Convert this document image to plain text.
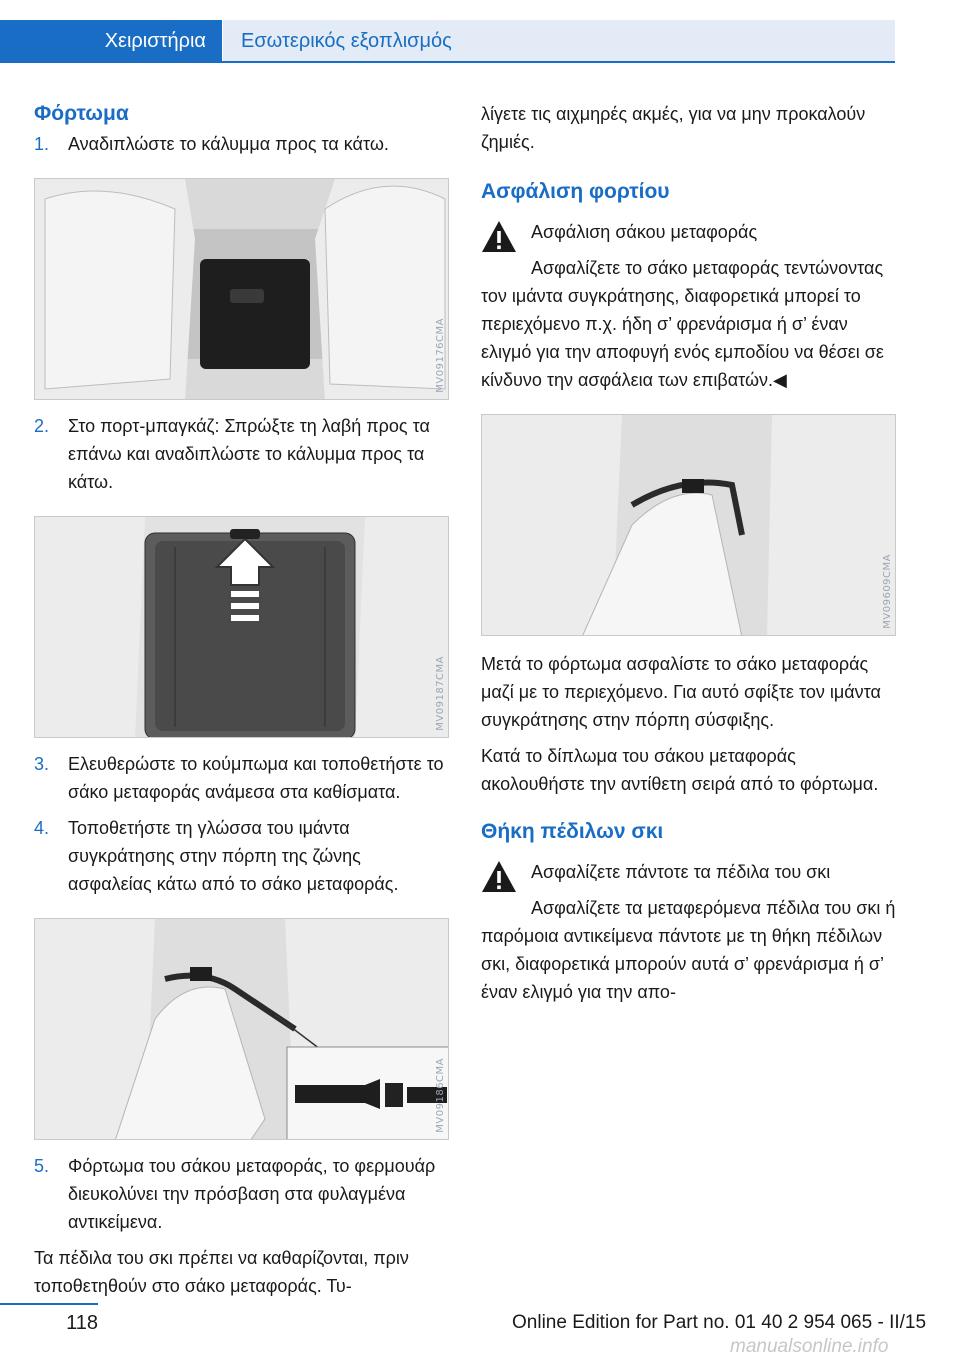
Χειριστήρια Εσωτερικός εξοπλισμός
Φόρτωμα
1. Αναδιπλώστε το κάλυμμα προς τα κάτω.
MV09176CMA
2. Στο πορτ-μπαγκάζ: Σπρώξτε τη λαβή προς τα επάνω και αναδιπλώστε το κάλυμμα προς τα κάτω.
MV09187CMA
3. Ελευθερώστε το κούμπωμα και τοποθετήστε το σάκο μεταφοράς ανάμεσα στα καθίσματα.
4. Τοποθετήστε τη γλώσσα του ιμάντα συγκράτησης στην πόρπη της ζώνης ασφαλείας κάτω από το σάκο μεταφοράς.
MV09186CMA
5. Φόρτωμα του σάκου μεταφοράς, το φερμουάρ διευκολύνει την πρόσβαση στα φυλαγμένα αντικείμενα.
Τα πέδιλα του σκι πρέπει να καθαρίζονται, πριν τοποθετηθούν στο σάκο μεταφοράς. Τυ-
λίγετε τις αιχμηρές ακμές, για να μην προκαλούν ζημιές.
Ασφάλιση φορτίου
Ασφάλιση σάκου μεταφοράς
Ασφαλίζετε το σάκο μεταφοράς τεντώνοντας τον ιμάντα συγκράτησης, διαφορετικά μπορεί το περιεχόμενο π.χ. ήδη σ’ φρενάρισμα ή σ’ έναν ελιγμό για την αποφυγή ενός εμποδίου να θέσει σε κίνδυνο την ασφάλεια των επιβατών.◀
MV09609CMA
Μετά το φόρτωμα ασφαλίστε το σάκο μεταφοράς μαζί με το περιεχόμενο. Για αυτό σφίξτε τον ιμάντα συγκράτησης στην πόρπη σύσφιξης.
Κατά το δίπλωμα του σάκου μεταφοράς ακολουθήστε την αντίθετη σειρά από το φόρτωμα.
Θήκη πέδιλων σκι
Ασφαλίζετε πάντοτε τα πέδιλα του σκι
Ασφαλίζετε τα μεταφερόμενα πέδιλα του σκι ή παρόμοια αντικείμενα πάντοτε με τη θήκη πέδιλων σκι, διαφορετικά μπορούν αυτά σ’ φρενάρισμα ή σ’ έναν ελιγμό για την απο-
118	Online Edition for Part no. 01 40 2 954 065 - II/15
manualsonline.info
